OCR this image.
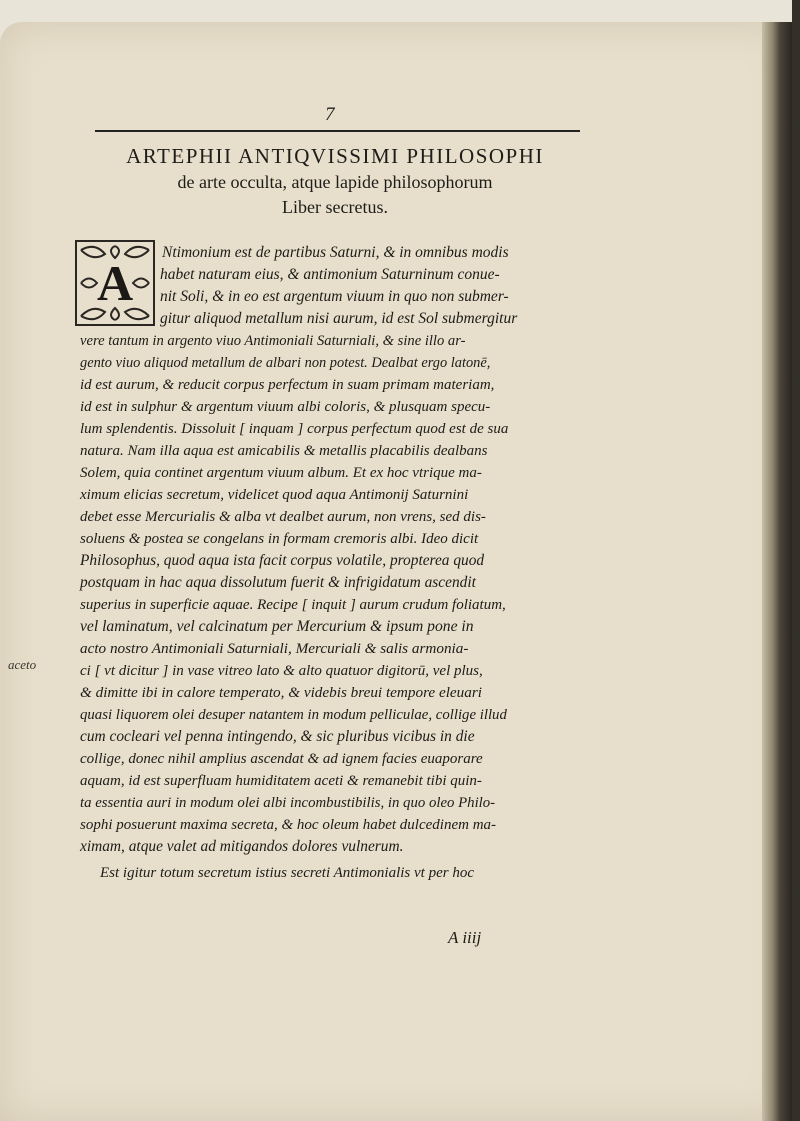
7
ARTEPHII ANTIQVISSIMI PHILOSOPHI
de arte occulta, atque lapide philosophorum
Liber secretus.
A
aceto
Ntimonium est de partibus Saturni, & in omnibus modis
habet naturam eius, & antimonium Saturninum conue-
nit Soli, & in eo est argentum viuum in quo non submer-
gitur aliquod metallum nisi aurum, id est Sol submergitur
vere tantum in argento viuo Antimoniali Saturniali, & sine illo ar-
gento viuo aliquod metallum de albari non potest. Dealbat ergo latonē,
id est aurum, & reducit corpus perfectum in suam primam materiam,
id est in sulphur & argentum viuum albi coloris, & plusquam specu-
lum splendentis. Dissoluit [ inquam ] corpus perfectum quod est de sua
natura. Nam illa aqua est amicabilis & metallis placabilis dealbans
Solem, quia continet argentum viuum album. Et ex hoc vtrique ma-
ximum elicias secretum, videlicet quod aqua Antimonij Saturnini
debet esse Mercurialis & alba vt dealbet aurum, non vrens, sed dis-
soluens & postea se congelans in formam cremoris albi. Ideo dicit
Philosophus, quod aqua ista facit corpus volatile, propterea quod
postquam in hac aqua dissolutum fuerit & infrigidatum ascendit
superius in superficie aquae. Recipe [ inquit ] aurum crudum foliatum,
vel laminatum, vel calcinatum per Mercurium & ipsum pone in
acto nostro Antimoniali Saturniali, Mercuriali & salis armonia-
ci [ vt dicitur ] in vase vitreo lato & alto quatuor digitorū, vel plus,
& dimitte ibi in calore temperato, & videbis breui tempore eleuari
quasi liquorem olei desuper natantem in modum pelliculae, collige illud
cum cocleari vel penna intingendo, & sic pluribus vicibus in die
collige, donec nihil amplius ascendat & ad ignem facies euaporare
aquam, id est superfluam humiditatem aceti & remanebit tibi quin-
ta essentia auri in modum olei albi incombustibilis, in quo oleo Philo-
sophi posuerunt maxima secreta, & hoc oleum habet dulcedinem ma-
ximam, atque valet ad mitigandos dolores vulnerum.
Est igitur totum secretum istius secreti Antimonialis vt per hoc
A iiij
